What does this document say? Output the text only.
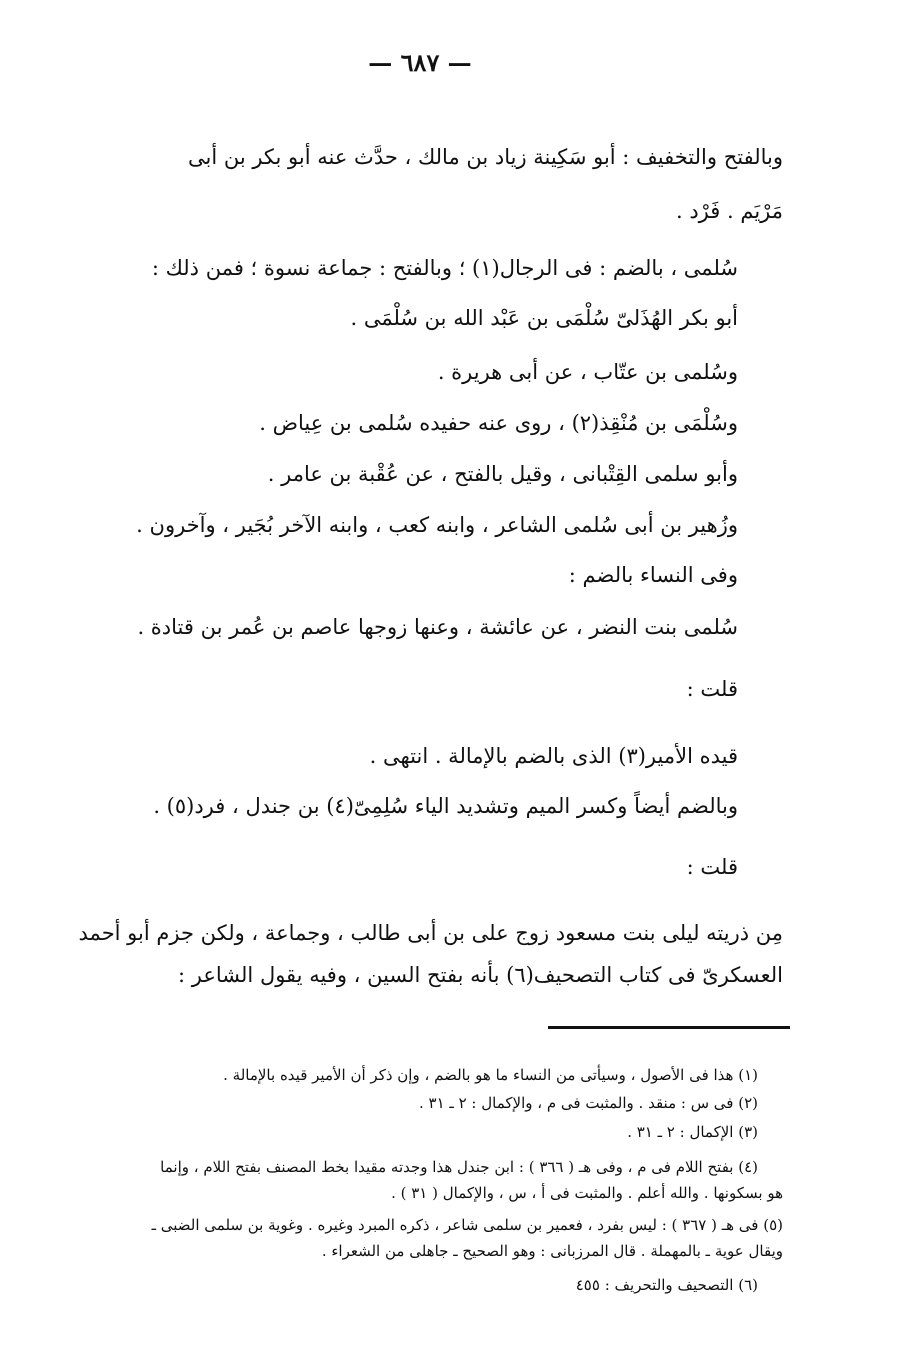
— ٦٨٧ —
وبالفتح والتخفيف : أبو سَكِينة زياد بن مالك ، حدَّث عنه أبو بكر بن أبى
مَرْيَم . فَرْد .
سُلمى ، بالضم : فى الرجال(١) ؛ وبالفتح : جماعة نسوة ؛ فمن ذلك :
أبو بكر الهُذَلىّ سُلْمَى بن عَبْد الله بن سُلْمَى .
وسُلمى بن عتّاب ، عن أبى هريرة .
وسُلْمَى بن مُنْقِذ(٢) ، روى عنه حفيده سُلمى بن عِياض .
وأبو سلمى القِتْبانى ، وقيل بالفتح ، عن عُقْبة بن عامر .
وزُهير بن أبى سُلمى الشاعر ، وابنه كعب ، وابنه الآخر بُجَير ، وآخرون .
وفى النساء بالضم :
سُلمى بنت النضر ، عن عائشة ، وعنها زوجها عاصم بن عُمر بن قتادة .
قلت :
قيده الأمير(٣) الذى بالضم بالإمالة . انتهى .
وبالضم أيضاً وكسر الميم وتشديد الياء سُلِمِىّ(٤) بن جندل ، فرد(٥) .
قلت :
مِن ذريته ليلى بنت مسعود زوج على بن أبى طالب ، وجماعة ، ولكن جزم أبو أحمد
العسكرىّ فى كتاب التصحيف(٦) بأنه بفتح السين ، وفيه يقول الشاعر :
(١) هذا فى الأصول ، وسيأتى من النساء ما هو بالضم ، وإن ذكر أن الأمير قيده بالإمالة .
(٢) فى س : منقد . والمثبت فى م ، والإكمال : ٢ ـ ٣١ .
(٣) الإكمال : ٢ ـ ٣١ .
(٤) بفتح اللام فى م ، وفى هـ ( ٣٦٦ ) : ابن جندل هذا وجدته مقيدا بخط المصنف بفتح اللام ، وإنما
هو بسكونها . والله أعلم . والمثبت فى أ ، س ، والإكمال ( ٣١ ) .
(٥) فى هـ ( ٣٦٧ ) : ليس بفرد ، فعمير بن سلمى شاعر ، ذكره المبرد وغيره . وغوية بن سلمى الضبى ـ
ويقال عوية ـ بالمهملة . قال المرزبانى : وهو الصحيح ـ جاهلى من الشعراء .
(٦) التصحيف والتحريف : ٤٥٥
